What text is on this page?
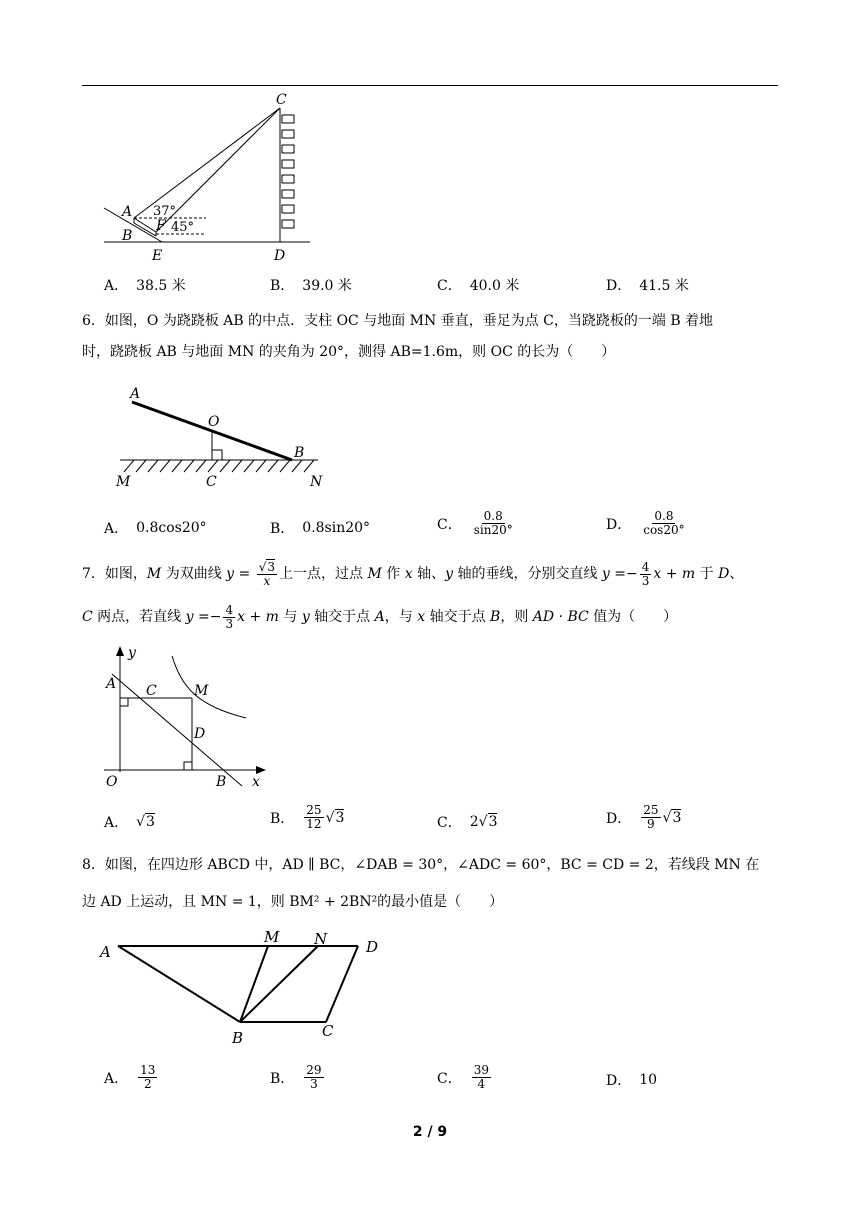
C
A
B
F
E	D
37°
45°
A． 38.5 米	B． 39.0 米	C． 40.0 米	D． 41.5 米
6．如图，O 为跷跷板 AB 的中点．支柱 OC 与地面 MN 垂直，垂足为点 C，当跷跷板的一端 B 着地
时，跷跷板 AB 与地面 MN 的夹角为 20°，测得 AB=1.6m，则 OC 的长为（　　）
A
O
B
M	C	N
A． 0.8cos20°	B． 0.8sin20°	C． $\frac{0.8}{\sin 20^\circ}$	D． $\frac{0.8}{\cos 20^\circ}$
7．如图，M 为双曲线 $y = \frac{√3}{x}$ 上一点，过点 M 作 x 轴、y 轴的垂线，分别交直线 $y =- \frac{4}{3}$ x + m 于 D、
C 两点，若直线 $y =- \frac{4}{3}$ x + m 与 y 轴交于点 A，与 x 轴交于点 B，则 AD · BC 值为（　　）
y
x
A C	M
D
O	B
A． √3	B． $\frac{25}{12} √3$	C． 2 √3	D． $\frac{25}{9} √3$
8．如图，在四边形 ABCD 中，AD ∥ BC，∠DAB = 30°，∠ADC = 60°，BC = CD = 2，若线段 MN 在
边 AD 上运动，且 MN = 1，则 BM² + 2BN²的最小值是（　　）
A
M N	D
B	C
A． $\frac{13}{2}$	B． $\frac{29}{3}$	C． $\frac{39}{4}$	D． 10
2 / 9
